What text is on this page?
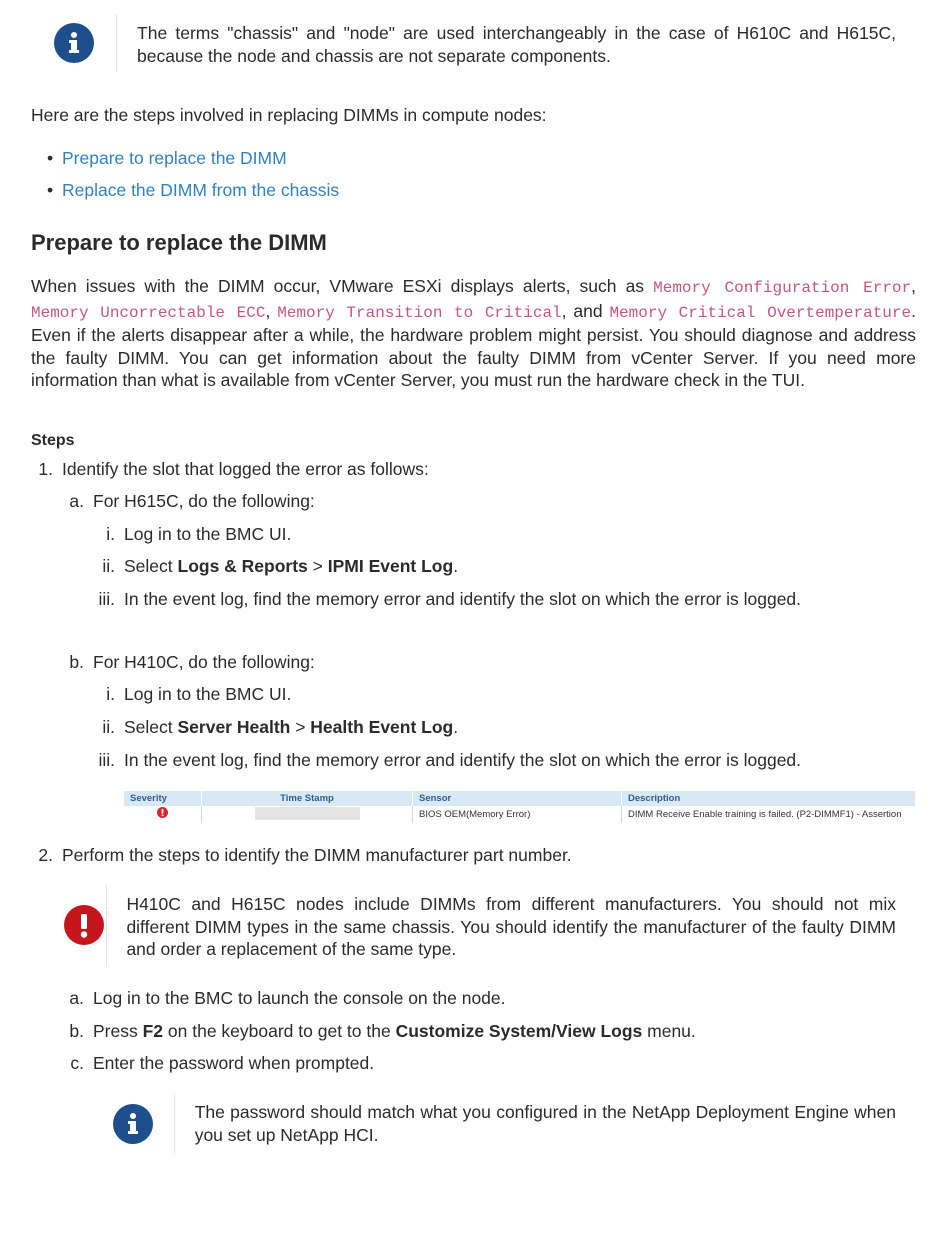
The terms "chassis" and "node" are used interchangeably in the case of H610C and H615C, because the node and chassis are not separate components.
Here are the steps involved in replacing DIMMs in compute nodes:
• Prepare to replace the DIMM
• Replace the DIMM from the chassis
Prepare to replace the DIMM
When issues with the DIMM occur, VMware ESXi displays alerts, such as Memory Configuration Error, Memory Uncorrectable ECC, Memory Transition to Critical, and Memory Critical Overtemperature. Even if the alerts disappear after a while, the hardware problem might persist. You should diagnose and address the faulty DIMM. You can get information about the faulty DIMM from vCenter Server. If you need more information than what is available from vCenter Server, you must run the hardware check in the TUI.
Steps
1. Identify the slot that logged the error as follows:
a. For H615C, do the following:
i. Log in to the BMC UI.
ii. Select Logs & Reports > IPMI Event Log.
iii. In the event log, find the memory error and identify the slot on which the error is logged.
b. For H410C, do the following:
i. Log in to the BMC UI.
ii. Select Server Health > Health Event Log.
iii. In the event log, find the memory error and identify the slot on which the error is logged.
Severity	Time Stamp	Sensor	Description
		BIOS OEM(Memory Error)	DIMM Receive Enable training is failed. (P2-DIMMF1) - Assertion
2. Perform the steps to identify the DIMM manufacturer part number.
H410C and H615C nodes include DIMMs from different manufacturers. You should not mix different DIMM types in the same chassis. You should identify the manufacturer of the faulty DIMM and order a replacement of the same type.
a. Log in to the BMC to launch the console on the node.
b. Press F2 on the keyboard to get to the Customize System/View Logs menu.
c. Enter the password when prompted.
The password should match what you configured in the NetApp Deployment Engine when you set up NetApp HCI.
